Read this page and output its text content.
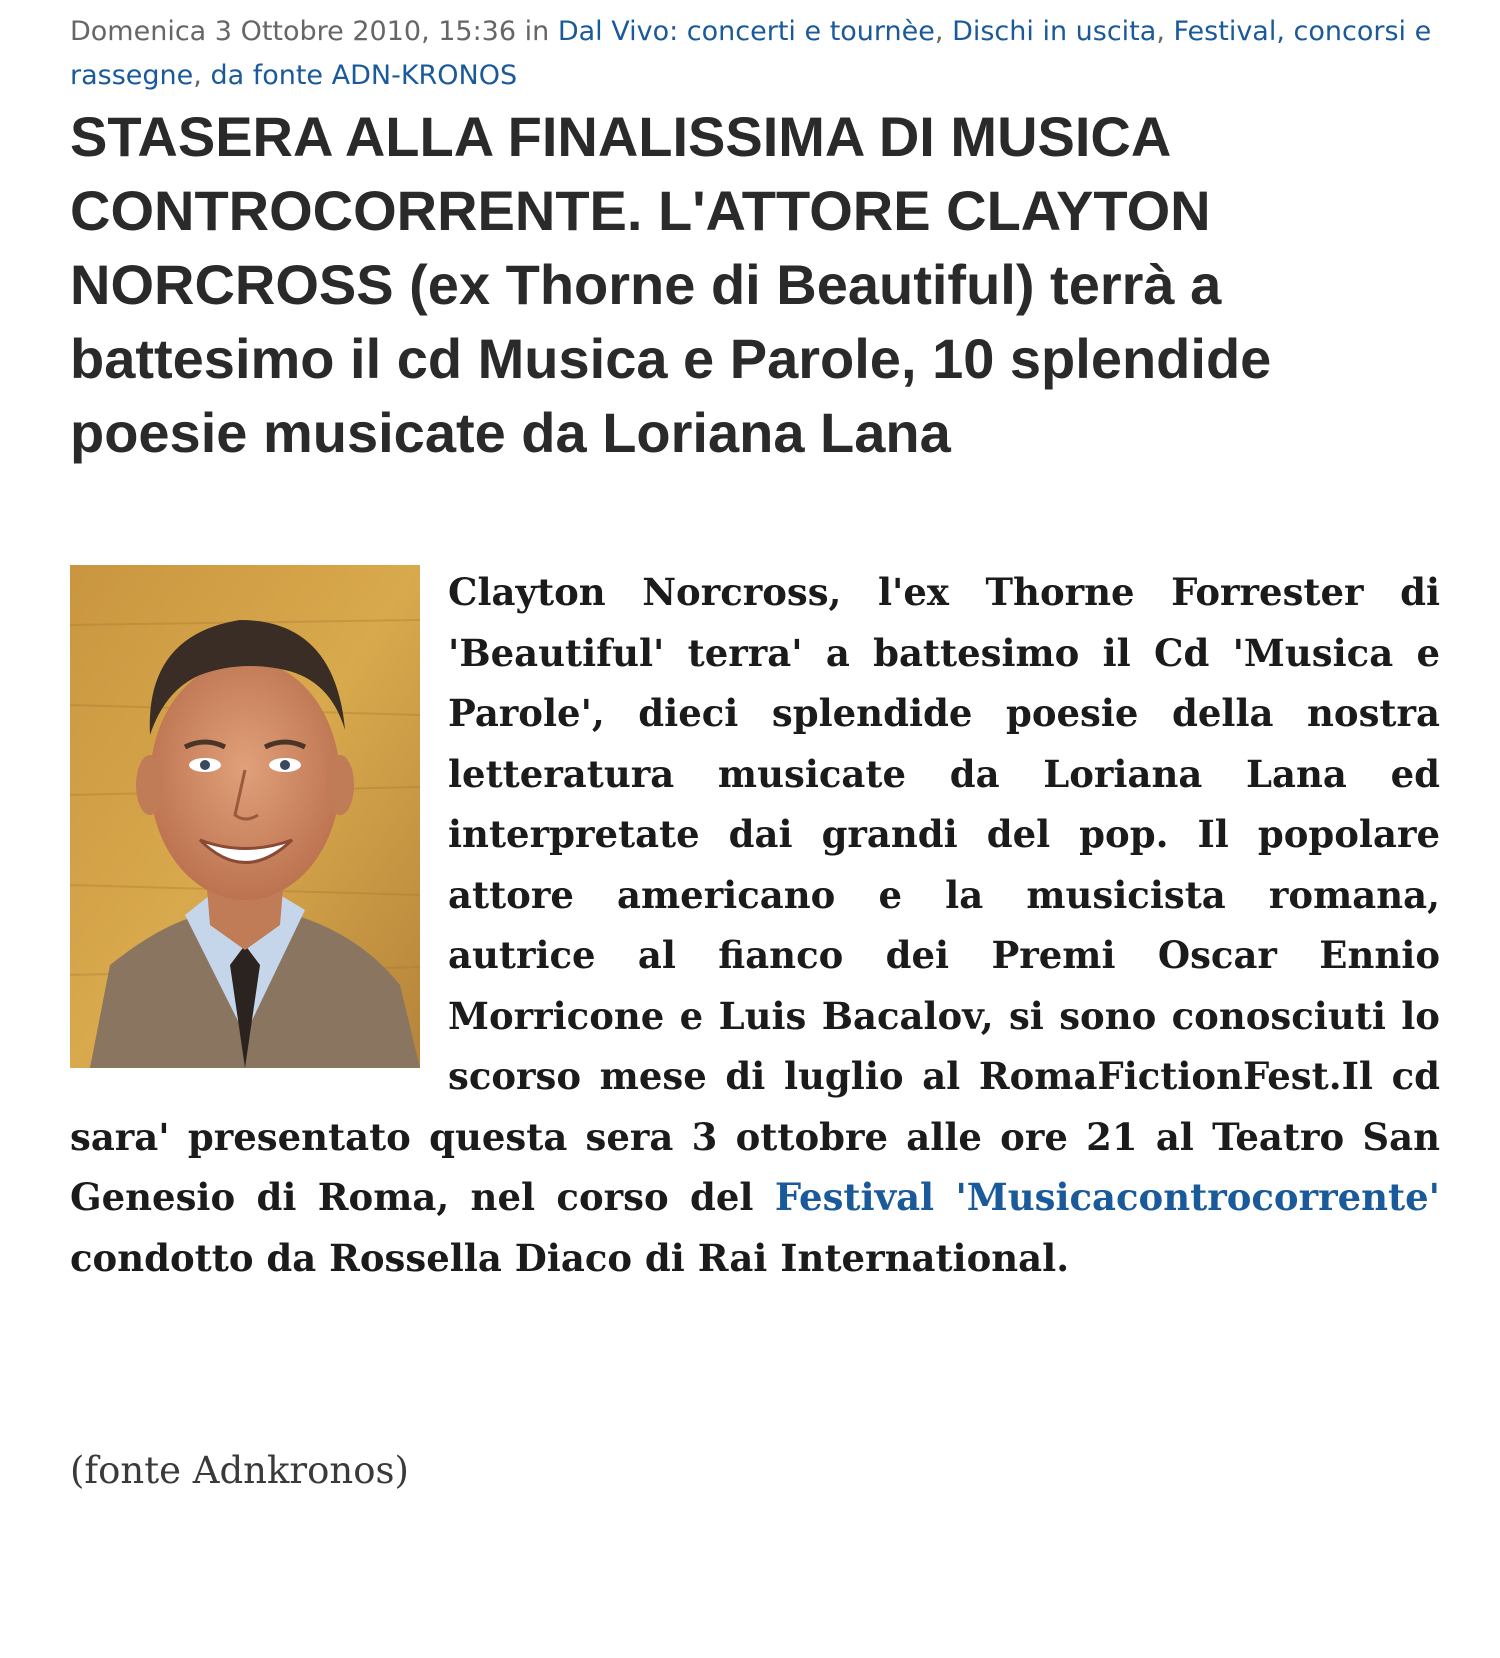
Domenica 3 Ottobre 2010, 15:36 in Dal Vivo: concerti e tournèe, Dischi in uscita, Festival, concorsi e rassegne, da fonte ADN-KRONOS
STASERA ALLA FINALISSIMA DI MUSICA CONTROCORRENTE. L'ATTORE CLAYTON NORCROSS (ex Thorne di Beautiful) terrà a battesimo il cd Musica e Parole, 10 splendide poesie musicate da Loriana Lana
Clayton Norcross, l'ex Thorne Forrester di 'Beautiful' terra' a battesimo il Cd 'Musica e Parole', dieci splendide poesie della nostra letteratura musicate da Loriana Lana ed interpretate dai grandi del pop. Il popolare attore americano e la musicista romana, autrice al fianco dei Premi Oscar Ennio Morricone e Luis Bacalov, si sono conosciuti lo scorso mese di luglio al RomaFictionFest.Il cd sara' presentato questa sera 3 ottobre alle ore 21 al Teatro San Genesio di Roma, nel corso del Festival 'Musicacontrocorrente' condotto da Rossella Diaco di Rai International.
(fonte Adnkronos)
